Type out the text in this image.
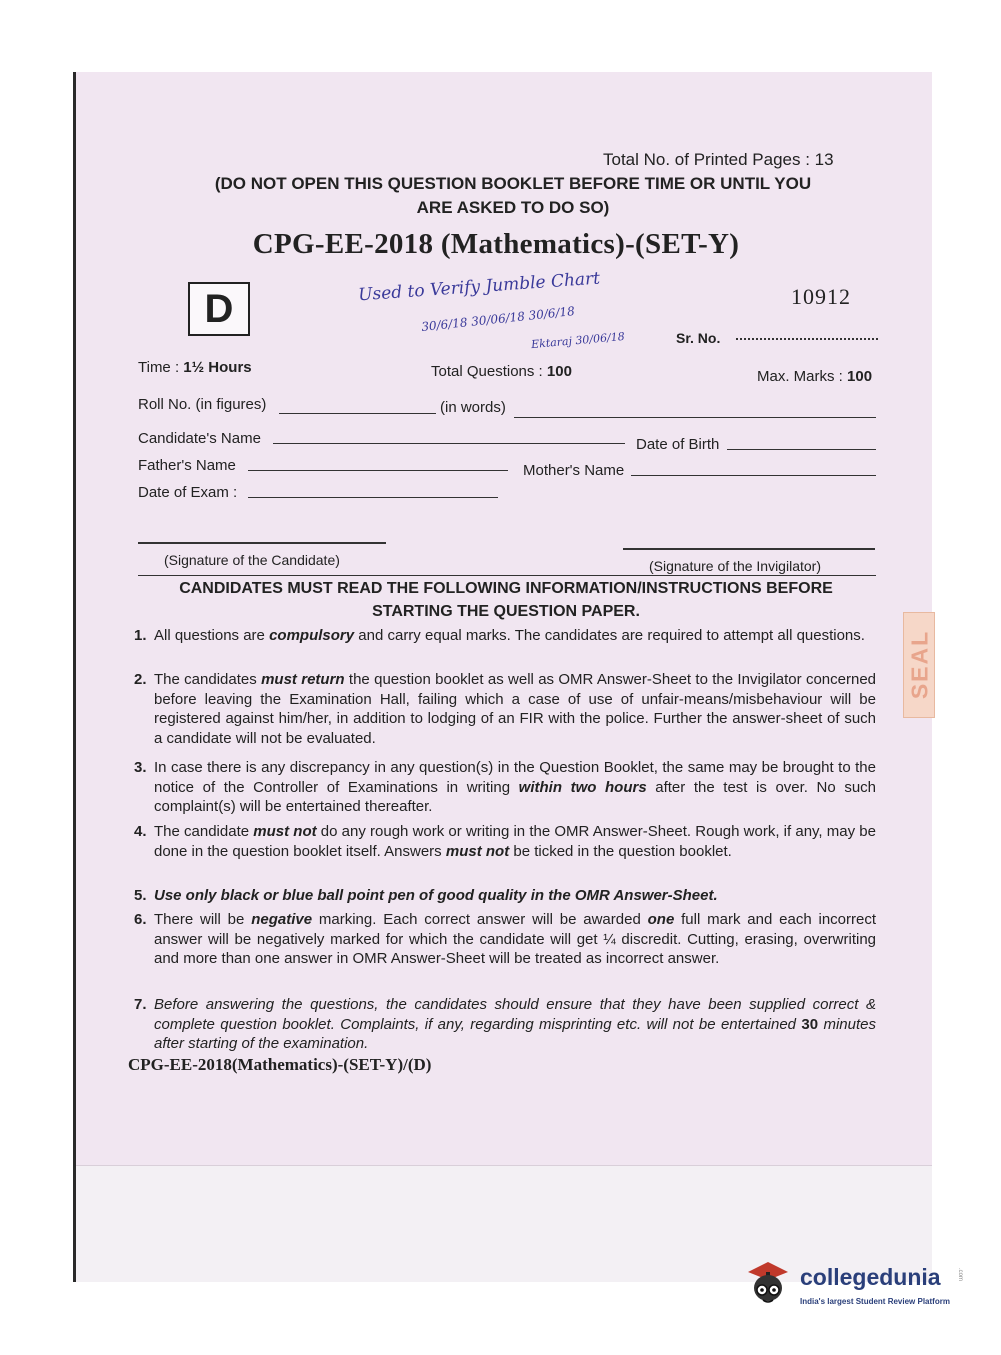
Total No. of Printed Pages : 13
(DO NOT OPEN THIS QUESTION BOOKLET BEFORE TIME OR UNTIL YOU
ARE ASKED TO DO SO)
CPG-EE-2018 (Mathematics)-(SET-Y)
D	10912
Used to Verify Jumble Chart
30/6/18 30/06/18 30/6/18
Ektaraj 30/06/18	Sr. No.
Time : 1½ Hours	Total Questions : 100	Max. Marks : 100
Roll No. (in figures)	(in words)
Candidate's Name	Date of Birth
Father's Name	Mother's Name
Date of Exam :
(Signature of the Candidate)	(Signature of the Invigilator)
CANDIDATES MUST READ THE FOLLOWING INFORMATION/INSTRUCTIONS BEFORE
STARTING THE QUESTION PAPER.
1. All questions are compulsory and carry equal marks. The candidates are required to attempt all questions.
2. The candidates must return the question booklet as well as OMR Answer-Sheet to the Invigilator concerned before leaving the Examination Hall, failing which a case of use of unfair-means/misbehaviour will be registered against him/her, in addition to lodging of an FIR with the police. Further the answer-sheet of such a candidate will not be evaluated.
3. In case there is any discrepancy in any question(s) in the Question Booklet, the same may be brought to the notice of the Controller of Examinations in writing within two hours after the test is over. No such complaint(s) will be entertained thereafter.
4. The candidate must not do any rough work or writing in the OMR Answer-Sheet. Rough work, if any, may be done in the question booklet itself. Answers must not be ticked in the question booklet.
5. Use only black or blue ball point pen of good quality in the OMR Answer-Sheet.
6. There will be negative marking. Each correct answer will be awarded one full mark and each incorrect answer will be negatively marked for which the candidate will get ¼ discredit. Cutting, erasing, overwriting and more than one answer in OMR Answer-Sheet will be treated as incorrect answer.
7. Before answering the questions, the candidates should ensure that they have been supplied correct & complete question booklet. Complaints, if any, regarding misprinting etc. will not be entertained 30 minutes after starting of the examination.
CPG-EE-2018(Mathematics)-(SET-Y)/(D)
SEAL
collegedunia	.com
India's largest Student Review Platform
